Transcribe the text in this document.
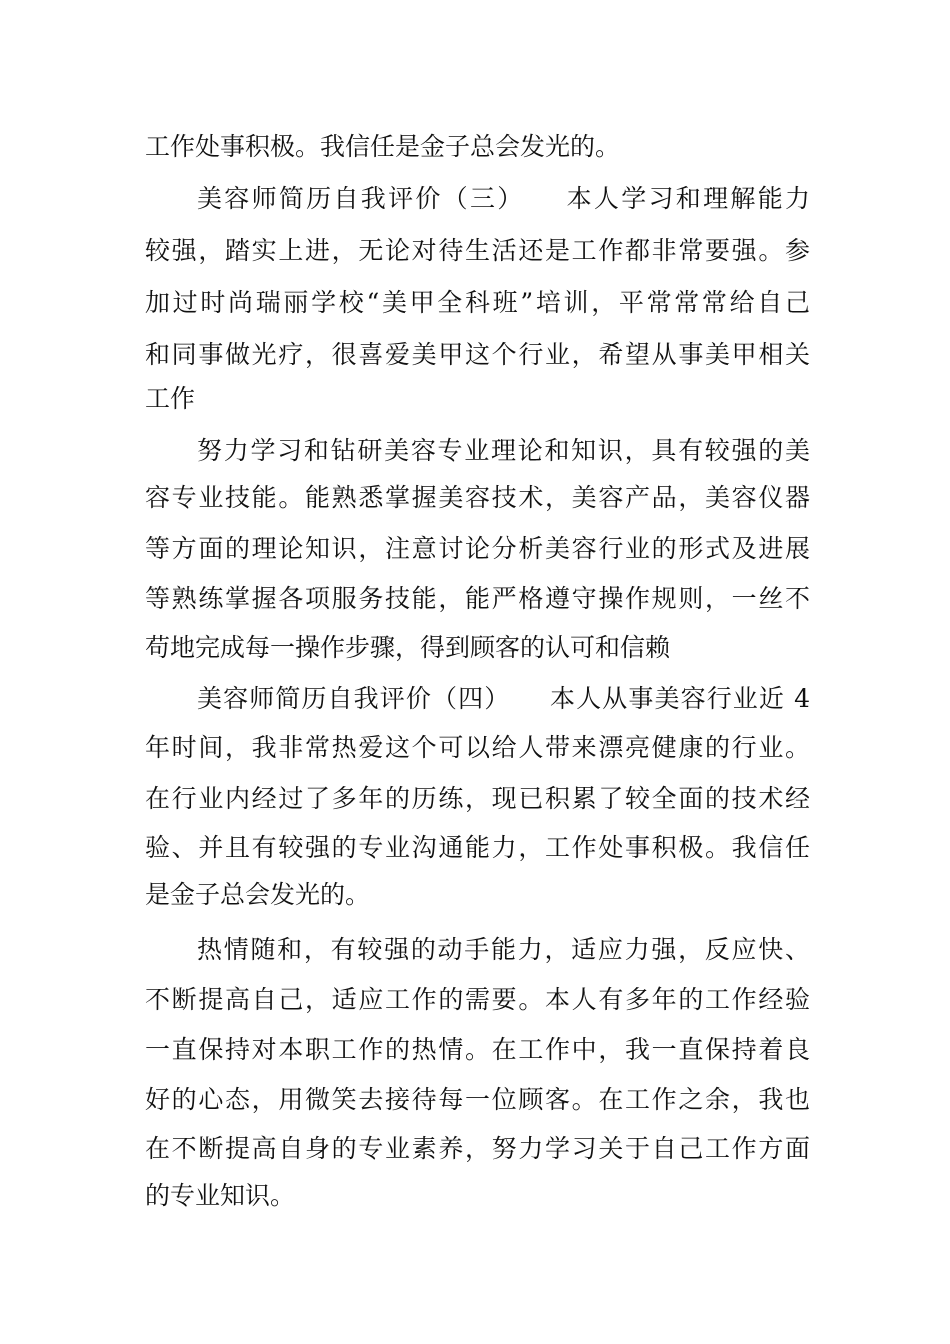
工作处事积极。我信任是金子总会发光的。
美容师简历自我评价（三）　　本人学习和理解能力
较强，踏实上进，无论对待生活还是工作都非常要强。参
加过时尚瑞丽学校“美甲全科班”培训，平常常常给自己
和同事做光疗，很喜爱美甲这个行业，希望从事美甲相关
工作
努力学习和钻研美容专业理论和知识，具有较强的美
容专业技能。能熟悉掌握美容技术，美容产品，美容仪器
等方面的理论知识，注意讨论分析美容行业的形式及进展
等熟练掌握各项服务技能，能严格遵守操作规则，一丝不
苟地完成每一操作步骤，得到顾客的认可和信赖
美容师简历自我评价（四）　　本人从事美容行业近 4
年时间，我非常热爱这个可以给人带来漂亮健康的行业。
在行业内经过了多年的历练，现已积累了较全面的技术经
验、并且有较强的专业沟通能力，工作处事积极。我信任
是金子总会发光的。
热情随和，有较强的动手能力，适应力强，反应快、
不断提高自己，适应工作的需要。本人有多年的工作经验
一直保持对本职工作的热情。在工作中，我一直保持着良
好的心态，用微笑去接待每一位顾客。在工作之余，我也
在不断提高自身的专业素养，努力学习关于自己工作方面
的专业知识。
